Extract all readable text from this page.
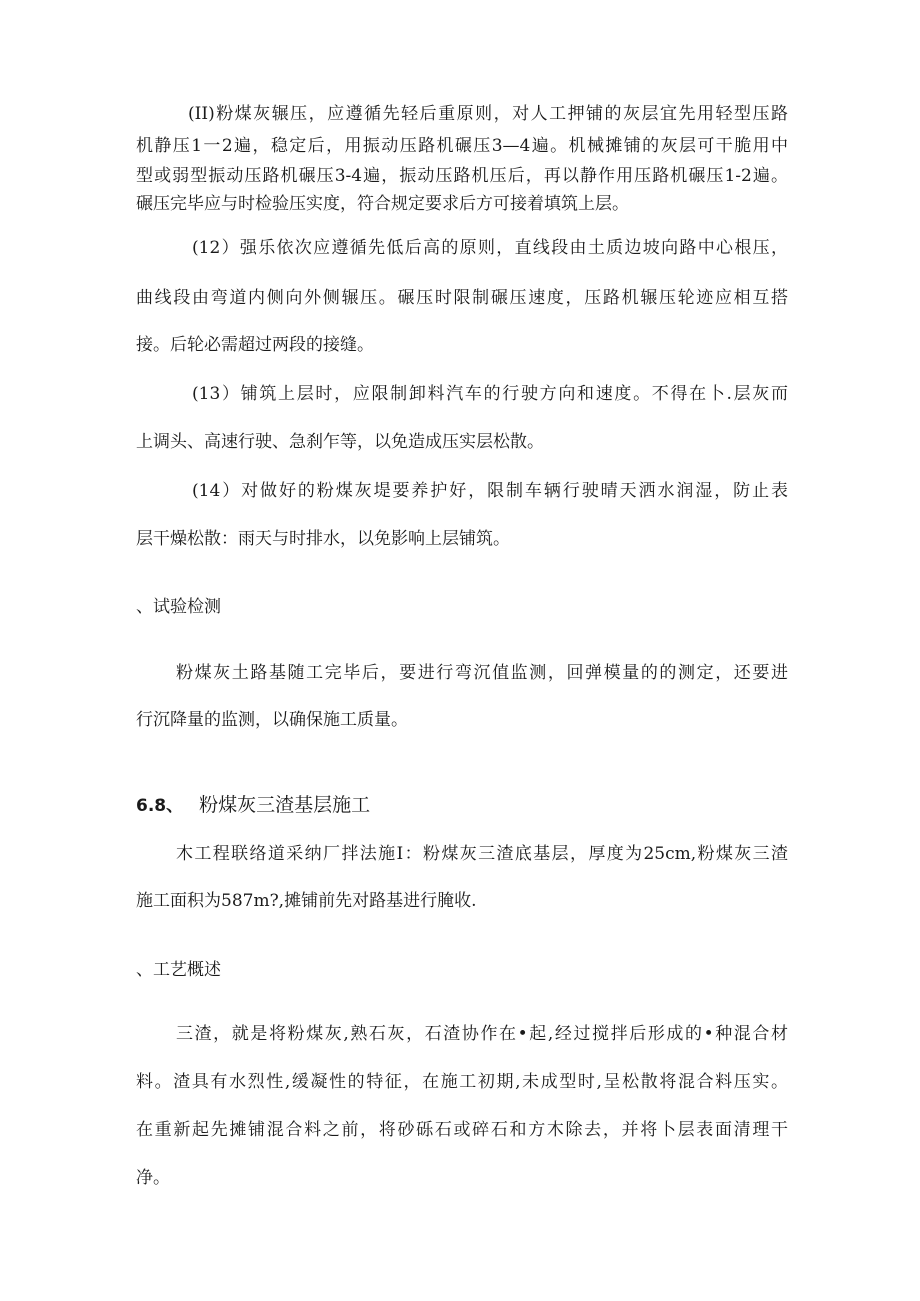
(II)粉煤灰辗压，应遵循先轻后重原则，对人工押铺的灰层宜先用轻型压路
机静压1一2遍，稳定后，用振动压路机碾压3—4遍。机械摊铺的灰层可干脆用中
型或弱型振动压路机碾压3-4遍，振动压路机压后，再以静作用压路机碾压1-2遍。
碾压完毕应与时检验压实度，符合规定要求后方可接着填筑上层。
(12）强乐依次应遵循先低后高的原则，直线段由土质边坡向路中心根压，
曲线段由弯道内侧向外侧辗压。碾压时限制碾压速度，压路机辗压轮迹应相互搭
接。后轮必需超过两段的接缝。
(13）铺筑上层时，应限制卸料汽车的行驶方向和速度。不得在卜.层灰而
上调头、高速行驶、急刹乍等，以免造成压实层松散。
(14）对做好的粉煤灰堤要养护好，限制车辆行驶晴天洒水润湿，防止表
层干燥松散：雨天与时排水，以免影响上层铺筑。
、试验检测
粉煤灰土路基随工完毕后，要进行弯沉值监测，回弹模量的的测定，还要进
行沉降量的监测，以确保施工质量。
6.8、 粉煤灰三渣基层施工
木工程联络道采纳厂拌法施I：粉煤灰三渣底基层，厚度为25cm,粉煤灰三渣
施工面积为587m?,摊铺前先对路基进行腌收.
、工艺概述
三渣，就是将粉煤灰,熟石灰，石渣协作在•起,经过搅拌后形成的•种混合材
料。渣具有水烈性,缓凝性的特征，在施工初期,未成型时,呈松散将混合料压实。
在重新起先摊铺混合料之前，将砂砾石或碎石和方木除去，并将卜层表面清理干
净。
